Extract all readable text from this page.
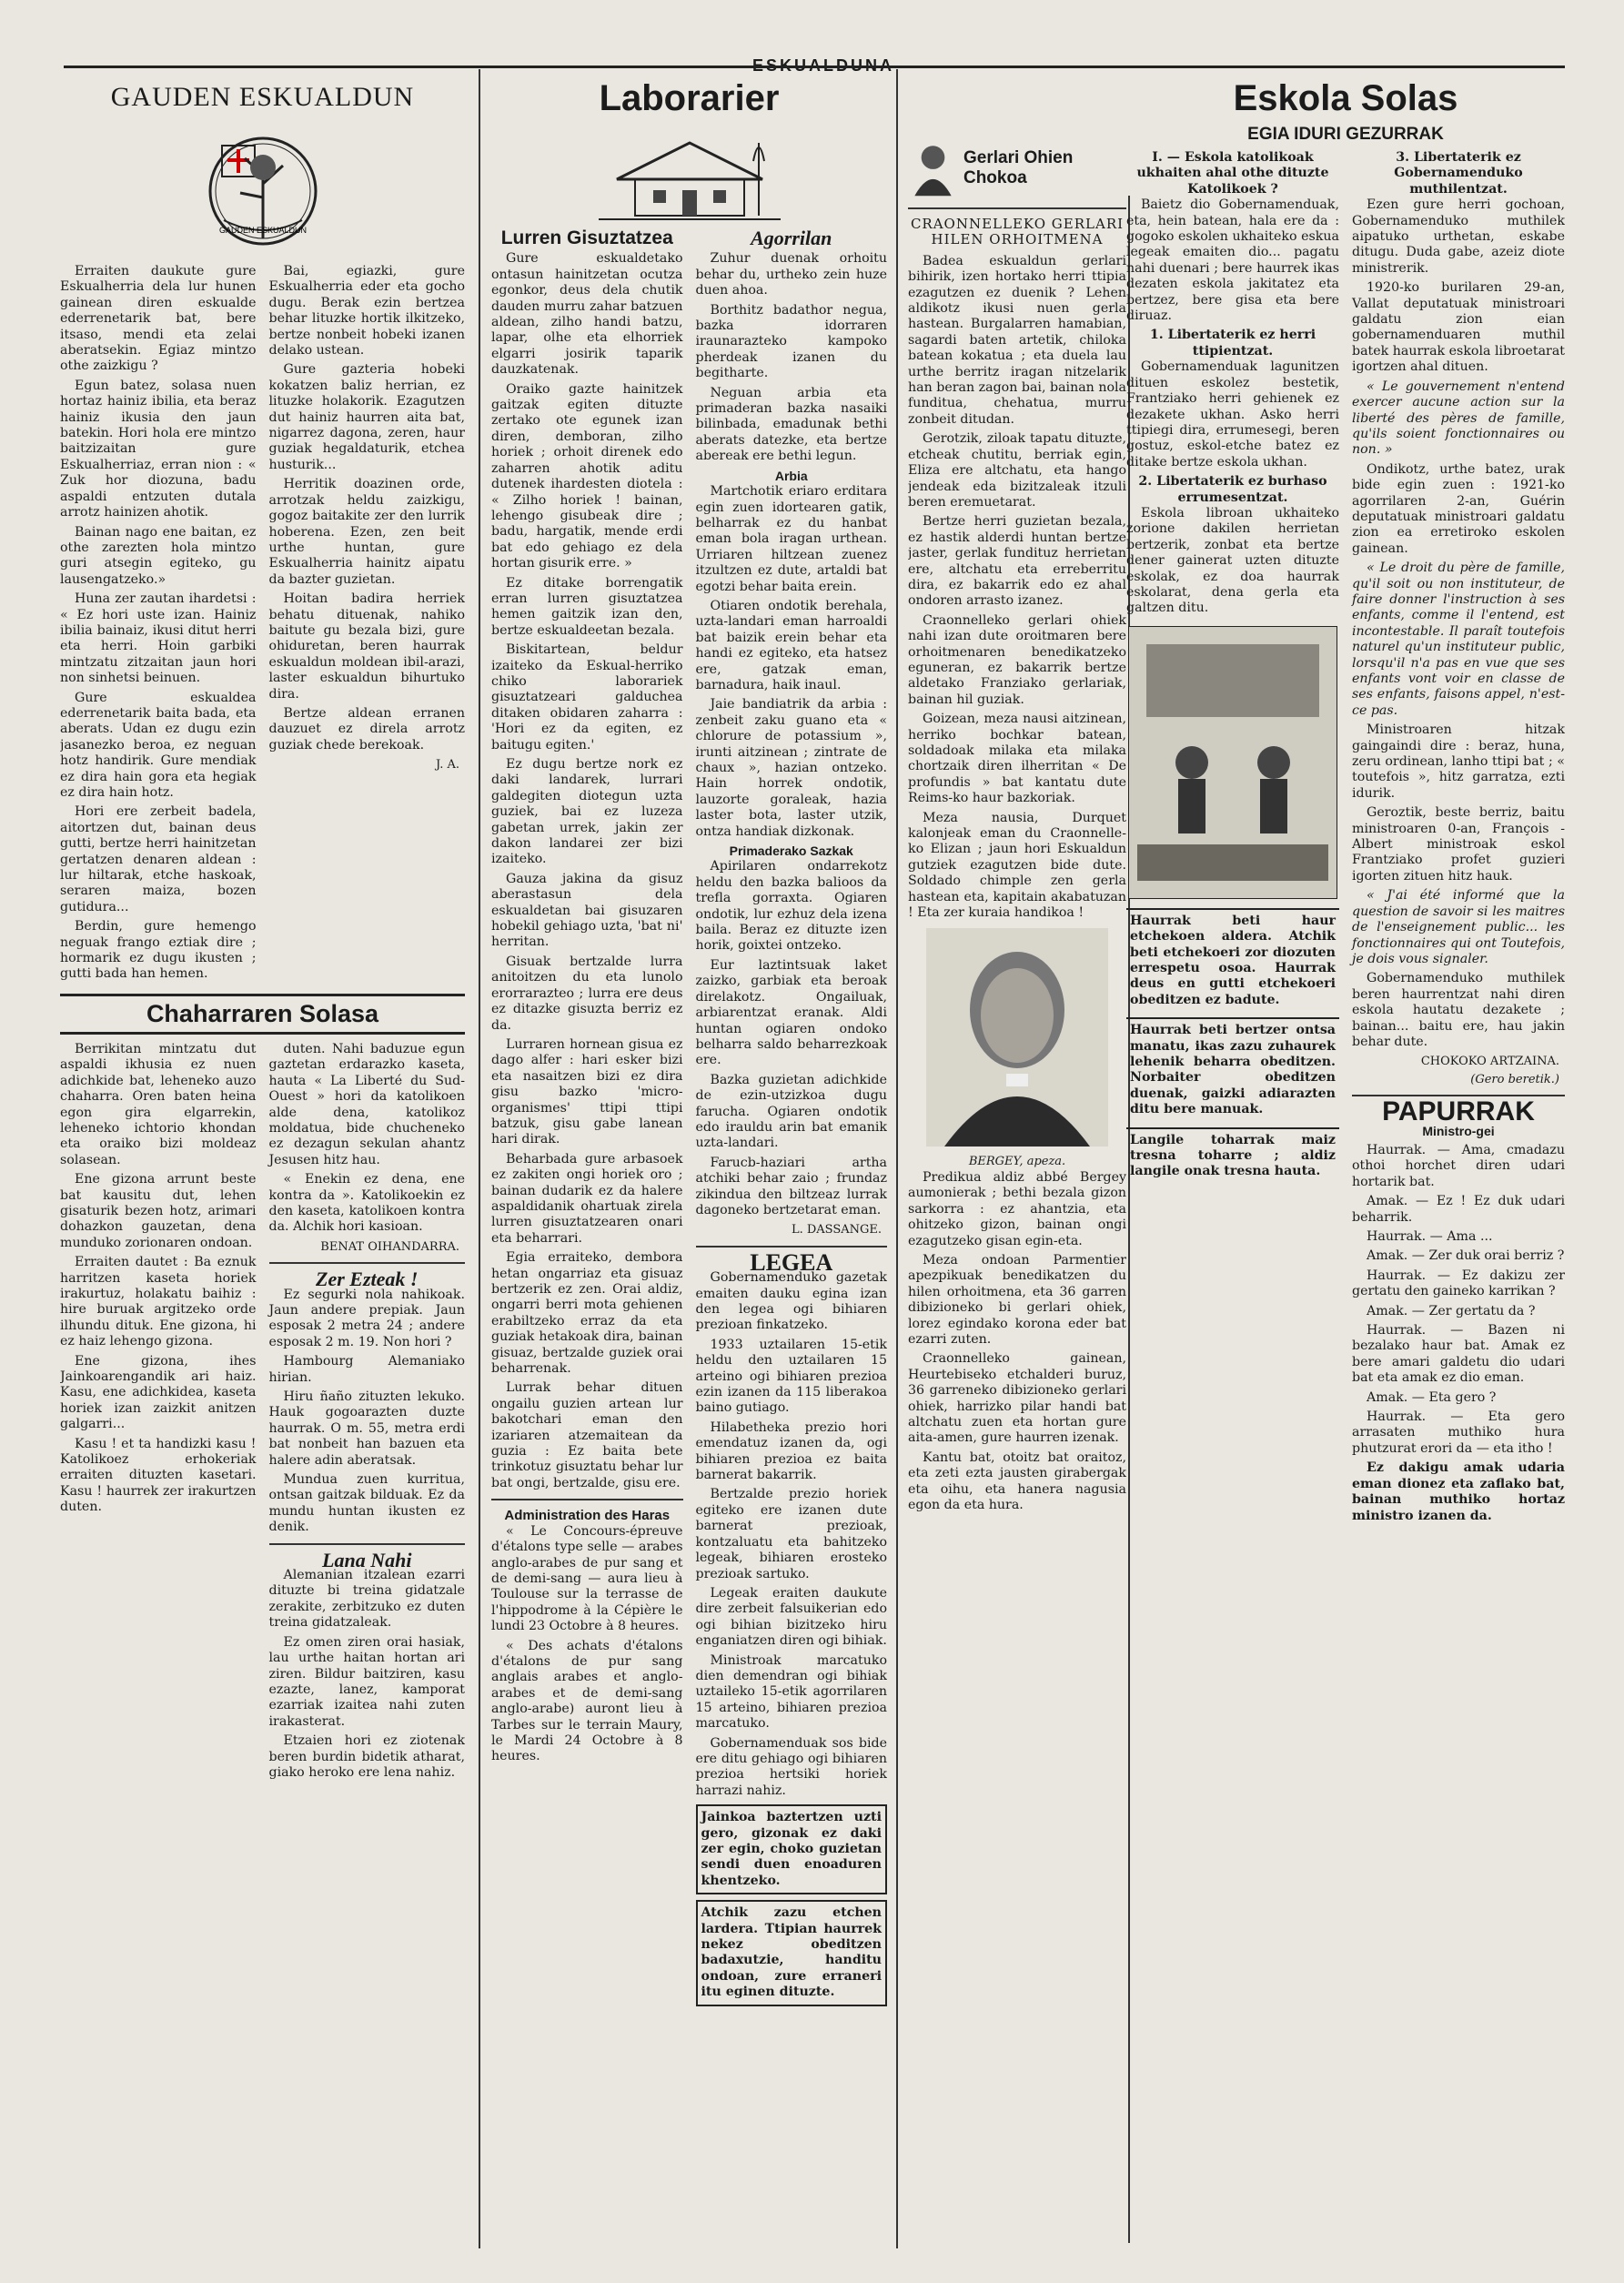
ESKUALDUNA
GAUDEN ESKUALDUN
GAUDEN ESKUALDUN

Erraiten daukute gure Eskualherria dela lur hunen gainean diren eskualde ederrenetarik bat, bere itsaso, mendi eta zelai aberatsekin. Egiaz mintzo othe zaizkigu ?

Egun batez, solasa nuen hortaz hainiz ibilia, eta beraz hainiz ikusia den jaun batekin. Hori hola ere mintzo baitzizaitan gure Eskualherriaz, erran nion : « Zuk hor diozuna, badu aspaldi entzuten dutala arrotz hainizen ahotik.

Bainan nago ene baitan, ez othe zarezten hola mintzo guri atsegin egiteko, gu lausengatzeko.»

Huna zer zautan ihardetsi : « Ez hori uste izan. Hainiz ibilia bainaiz, ikusi ditut herri eta herri. Hoin garbiki mintzatu zitzaitan jaun hori non sinhetsi beinuen.

Gure eskualdea ederrenetarik baita bada, eta aberats. Udan ez dugu ezin jasanezko beroa, ez neguan hotz handirik. Gure mendiak ez dira hain gora eta hegiak ez dira hain hotz.

Hori ere zerbeit badela, aitortzen dut, bainan deus gutti, bertze herri hainitzetan gertatzen denaren aldean : lur hiltarak, etche haskoak, seraren maiza, bozen gutidura...

Berdin, gure hemengo neguak frango eztiak dire ; hormarik ez dugu ikusten ; gutti bada han hemen.

Bai, egiazki, gure Eskualherria eder eta gocho dugu. Berak ezin bertzea behar lituzke hortik ilkitzeko, bertze nonbeit hobeki izanen delako ustean.

Gure gazteria hobeki kokatzen baliz herrian, ez lituzke holakorik. Ezagutzen dut hainiz haurren aita bat, nigarrez dagona, zeren, haur guziak hegaldaturik, etchea husturik...

Herritik doazinen orde, arrotzak heldu zaizkigu, gogoz baitakite zer den lurrik hoberena. Ezen, zen beit urthe huntan, gure Eskualherria hainitz aipatu da bazter guzietan.

Hoitan badira herriek behatu dituenak, nahiko baitute gu bezala bizi, gure ohiduretan, beren haurrak eskualdun moldean ibil-arazi, laster eskualdun bihurtuko dira.

Bertze aldean erranen dauzuet ez direla arrotz guziak chede berekoak.

J. A.
Chaharraren Solasa

Berrikitan mintzatu dut aspaldi ikhusia ez nuen adichkide bat, leheneko auzo chaharra. Oren baten heina egon gira elgarrekin, leheneko ichtorio khondan eta oraiko bizi moldeaz solasean.

Ene gizona arrunt beste bat kausitu dut, lehen gisaturik bezen hotz, arimari dohazkon gauzetan, dena munduko zorionaren ondoan.

Erraiten dautet : Ba eznuk harritzen kaseta horiek irakurtuz, holakatu baihiz : hire buruak argitzeko orde ilhundu dituk. Ene gizona, hi ez haiz lehengo gizona.

Ene gizona, ihes Jainkoarengandik ari haiz. Kasu, ene adichkidea, kaseta horiek izan zaizkit anitzen galgarri...

Kasu ! et ta handizki kasu ! Katolikoez erhokeriak erraiten dituzten kasetari. Kasu ! haurrek zer irakurtzen duten.

duten. Nahi baduzue egun gaztetan erdarazko kaseta, hauta « La Liberté du Sud-Ouest » hori da katolikoen alde dena, katolikoz moldatua, bide chucheneko ez dezagun sekulan ahantz Jesusen hitz hau.

« Enekin ez dena, ene kontra da ». Katolikoekin ez den kaseta, katolikoen kontra da. Alchik hori kasioan.

BENAT OIHANDARRA.
Zer Ezteak !

Ez segurki nola nahikoak. Jaun andere prepiak. Jaun esposak 2 metra 24 ; andere esposak 2 m. 19. Non hori ?

Hambourg Alemaniako hirian.

Hiru ñaño zituzten lekuko. Hauk gogoarazten duzte haurrak. O m. 55, metra erdi bat nonbeit han bazuen eta halere adin aberatsak.

Mundua zuen kurritua, ontsan gaitzak bilduak. Ez da mundu huntan ikusten ez denik.

Lana Nahi

Alemanian itzalean ezarri dituzte bi treina gidatzale zerakite, zerbitzuko ez duten treina gidatzaleak.

Ez omen ziren orai hasiak, lau urthe haitan hortan ari ziren. Bildur baitziren, kasu ezazte, lanez, kamporat ezarriak izaitea nahi zuten irakasterat.

Etzaien hori ez ziotenak beren burdin bidetik atharat, giako heroko ere lena nahiz.

Laborarier
Lurren Gisuztatzea

Gure eskualdetako ontasun hainitzetan ocutza egonkor, deus dela chutik dauden murru zahar batzuen aldean, zilho handi batzu, lapar, olhe eta elhorriek elgarri josirik taparik dauzkatenak.

Oraiko gazte hainitzek gaitzak egiten dituzte zertako ote egunek izan diren, demboran, zilho horiek ; orhoit direnek edo zaharren ahotik aditu dutenek ihardesten diotela : « Zilho horiek ! bainan, lehengo gisubeak dire ; badu, hargatik, mende erdi bat edo gehiago ez dela hortan gisurik erre. »

Ez ditake borrengatik erran lurren gisuztatzea hemen gaitzik izan den, bertze eskualdeetan bezala.

Biskitartean, beldur izaiteko da Eskual-herriko chiko laborariek gisuztatzeari galduchea ditaken obidaren zaharra : 'Hori ez da egiten, ez baitugu egiten.'

Ez dugu bertze nork ez daki landarek, lurrari galdegiten diotegun uzta guziek, bai ez luzeza gabetan urrek, jakin zer dakon landarei zer bizi izaiteko.

Gauza jakina da gisuz aberastasun dela eskualdetan bai gisuzaren hobekil gehiago uzta, 'bat ni' herritan.

Gisuak bertzalde lurra anitoitzen du eta lunolo erorrarazteo ; lurra ere deus ez ditazke gisuzta berriz ez da.

Lurraren hornean gisua ez dago alfer : hari esker bizi eta nasaitzen bizi ez dira gisu bazko 'micro-organismes' ttipi ttipi batzuk, gisu gabe lanean hari dirak.

Beharbada gure arbasoek ez zakiten ongi horiek oro ; bainan dudarik ez da halere aspaldidanik ohartuak zirela lurren gisuztatzearen onari eta beharrari.

Egia erraiteko, dembora hetan ongarriaz eta gisuaz bertzerik ez zen. Orai aldiz, ongarri berri mota gehienen erabiltzeko erraz da eta guziak hetakoak dira, bainan gisuaz, bertzalde guziek orai beharrenak.

Lurrak behar dituen ongailu guzien artean lur bakotchari eman den izariaren atzemaitean da guzia : Ez baita bete trinkotuz gisuztatu behar lur bat ongi, bertzalde, gisu ere.

Administration des Haras

« Le Concours-épreuve d'étalons type selle — arabes anglo-arabes de pur sang et de demi-sang — aura lieu à Toulouse sur la terrasse de l'hippodrome à la Cépière le lundi 23 Octobre à 8 heures.

« Des achats d'étalons d'étalons de pur sang anglais arabes et anglo-arabes et de demi-sang anglo-arabe) auront lieu à Tarbes sur le terrain Maury, le Mardi 24 Octobre à 8 heures.

Agorrilan

Zuhur duenak orhoitu behar du, urtheko zein huze duen ahoa.

Borthitz badathor negua, bazka idorraren iraunarazteko kampoko pherdeak izanen du begitharte.

Neguan arbia eta primaderan bazka nasaiki bilinbada, emadunak bethi aberats datezke, eta bertze abereak ere bethi legun.

Arbia

Martchotik eriaro erditara egin zuen idortearen gatik, belharrak ez du hanbat eman bola iragan urthean. Urriaren hiltzean zuenez itzultzen ez dute, artaldi bat egotzi behar baita erein.

Otiaren ondotik berehala, uzta-landari eman harroaldi bat baizik erein behar eta handi ez egiteko, eta hatsez ere, gatzak eman, barnadura, haik inaul.

Jaie bandiatrik da arbia : zenbeit zaku guano eta « chlorure de potassium », irunti aitzinean ; zintrate de chaux », hazian ontzeko. Hain horrek ondotik, lauzorte goraleak, hazia laster bota, laster utzik, ontza handiak dizkonak.

Primaderako Sazkak

Apirilaren ondarrekotz heldu den bazka balioos da trefla gorraxta. Ogiaren ondotik, lur ezhuz dela izena baila. Beraz ez dituzte izen horik, goixtei ontzeko.

Eur laztintsuak laket zaizko, garbiak eta beroak direlakotz. Ongailuak, arbiarentzat eranak. Aldi huntan ogiaren ondoko belharra saldo beharrezkoak ere.

Bazka guzietan adichkide de ezin-utzizkoa dugu farucha. Ogiaren ondotik edo irauldu arin bat emanik uzta-landari.

Farucb-haziari artha atchiki behar zaio ; frundaz zikindua den biltzeaz lurrak dagoneko bertzetarat eman.

L. DASSANGE.
LEGEA

Gobernamenduko gazetak emaiten dauku egina izan den legea ogi bihiaren prezioan finkatzeko.

1933 uztailaren 15-etik heldu den uztailaren 15 arteino ogi bihiaren prezioa ezin izanen da 115 liberakoa baino gutiago.

Hilabetheka prezio hori emendatuz izanen da, ogi bihiaren prezioa ez baita barnerat bakarrik.

Bertzalde prezio horiek egiteko ere izanen dute barnerat prezioak, kontzaluatu eta bahitzeko legeak, bihiaren erosteko prezioak sartuko.

Legeak eraiten daukute dire zerbeit falsuikerian edo ogi bihian bizitzeko hiru enganiatzen diren ogi bihiak.

Ministroak marcatuko dien demendran ogi bihiak uztaileko 15-etik agorrilaren 15 arteino, bihiaren prezioa marcatuko.

Gobernamenduak sos bide ere ditu gehiago ogi bihiaren prezioa hertsiki horiek harrazi nahiz.

Jainkoa baztertzen uzti gero, gizonak ez daki zer egin, choko guzietan sendi duen enoaduren khentzeko.
Atchik zazu etchen lardera. Ttipian haurrek nekez obeditzen badaxutzie, handitu ondoan, zure erraneri itu eginen dituzte.
Gerlari Ohien Chokoa
CRAONNELLEKO GERLARI HILEN ORHOITMENA

Badea eskualdun gerlari bihirik, izen hortako herri ttipia ezagutzen ez duenik ? Lehen aldikotz ikusi nuen gerla hastean. Burgalarren hamabian, sagardi baten artetik, chiloka batean kokatua ; eta duela lau urthe berritz iragan nitzelarik han beran zagon bai, bainan nola funditua, chehatua, murru zonbeit ditudan.

Gerotzik, ziloak tapatu dituzte, etcheak chutitu, berriak egin, Eliza ere altchatu, eta hango jendeak eda bizitzaleak itzuli beren eremuetarat.

Bertze herri guzietan bezala, ez hastik alderdi huntan bertze jaster, gerlak fundituz herrietan ere, altchatu eta erreberritu dira, ez bakarrik edo ez ahal ondoren arrasto izanez.

Craonnelleko gerlari ohiek nahi izan dute oroitmaren bere orhoitmenaren benedikatzeko eguneran, ez bakarrik bertze aldetako Franziako gerlariak, bainan hil guziak.

Goizean, meza nausi aitzinean, herriko bochkar batean, soldadoak milaka eta milaka chortzaik diren ilherritan « De profundis » bat kantatu dute Reims-ko haur bazkoriak.

Meza nausia, Durquet kalonjeak eman du Craonnelle-ko Elizan ; jaun hori Eskualdun gutziek ezagutzen bide dute. Soldado chimple zen gerla hastean eta, kapitain akabatuzan ! Eta zer kuraia handikoa !

BERGEY, apeza.

Predikua aldiz abbé Bergey aumonierak ; bethi bezala gizon sarkorra : ez ahantzia, eta ohitzeko gizon, bainan ongi ezagutzeko gisan egin-eta.

Meza ondoan Parmentier apezpikuak benedikatzen du hilen orhoitmena, eta 36 garren dibizioneko bi gerlari ohiek, lorez egindako korona eder bat ezarri zuten.

Craonnelleko gainean, Heurtebiseko etchalderi buruz, 36 garreneko dibizioneko gerlari ohiek, harrizko pilar handi bat altchatu zuen eta hortan gure aita-amen, gure haurren izenak.

Kantu bat, otoitz bat oraitoz, eta zeti ezta jausten girabergak eta oihu, eta hanera nagusia egon da eta hura.

Eskola Solas
EGIA IDURI GEZURRAK
I. — Eskola katolikoak ukhaiten ahal othe dituzte Katolikoek ?

Baietz dio Gobernamenduak, eta, hein batean, hala ere da : gogoko eskolen ukhaiteko eskua legeak emaiten dio... pagatu nahi duenari ; bere haurrek ikas dezaten eskola jakitatez eta bertzez, bere gisa eta bere diruaz.

1. Libertaterik ez herri ttipientzat.

Gobernamenduak lagunitzen dituen eskolez bestetik, Frantziako herri gehienek ez dezakete ukhan. Asko herri ttipiegi dira, errumesegi, beren gostuz, eskol-etche batez ez ditake bertze eskola ukhan.

2. Libertaterik ez burhaso errumesentzat.

Eskola libroan ukhaiteko zorione dakilen herrietan bertzerik, zonbat eta bertze dener gainerat uzten dituzte eskolak, ez doa haurrak eskolarat, dena gerla eta galtzen ditu.

Haurrak beti haur etchekoen aldera. Atchik beti etchekoeri zor diozuten errespetu osoa. Haurrak deus en gutti etchekoeri obeditzen ez badute.
Haurrak beti bertzer ontsa manatu, ikas zazu zuhaurek lehenik beharra obeditzen. Norbaiter obeditzen duenak, gaizki adiarazten ditu bere manuak.
Langile toharrak maiz tresna toharre ; aldiz langile onak tresna hauta.
3. Libertaterik ez Gobernamenduko muthilentzat.

Ezen gure herri gochoan, Gobernamenduko muthilek aipatuko urthetan, eskabe ditugu. Duda gabe, azeiz diote ministrerik.

1920-ko burilaren 29-an, Vallat deputatuak ministroari galdatu zion eian gobernamenduaren muthil batek haurrak eskola libroetarat igortzen ahal dituen.

« Le gouvernement n'entend exercer aucune action sur la liberté des pères de famille, qu'ils soient fonctionnaires ou non. »

Ondikotz, urthe batez, urak bide egin zuen : 1921-ko agorrilaren 2-an, Guérin deputatuak ministroari galdatu zion ea erretiroko eskolen gainean.

« Le droit du père de famille, qu'il soit ou non instituteur, de faire donner l'instruction à ses enfants, comme il l'entend, est incontestable. Il paraît toutefois naturel qu'un instituteur public, lorsqu'il n'a pas en vue que ses enfants vont voir en classe de ses enfants, faisons appel, n'est-ce pas.

Ministroaren hitzak gaingaindi dire : beraz, huna, zeru ordinean, lanho ttipi bat ; « toutefois », hitz garratza, ezti idurik.

Geroztik, beste berriz, baitu ministroaren 0-an, François - Albert ministroak eskol Frantziako profet guzieri igorten zituen hitz hauk.

« J'ai été informé que la question de savoir si les maitres de l'enseignement public... les fonctionnaires qui ont Toutefois, je dois vous signaler.

Gobernamenduko muthilek beren haurrentzat nahi diren eskola hautatu dezakete ; bainan... baitu ere, hau jakin behar dute.

CHOKOKO ARTZAINA.
(Gero beretik.)
PAPURRAK
Ministro-gei

Haurrak. — Ama, cmadazu othoi horchet diren udari hortarik bat.

Amak. — Ez ! Ez duk udari beharrik.

Haurrak. — Ama ...

Amak. — Zer duk orai berriz ?

Haurrak. — Ez dakizu zer gertatu den gaineko karrikan ?

Amak. — Zer gertatu da ?

Haurrak. — Bazen ni bezalako haur bat. Amak ez bere amari galdetu dio udari bat eta amak ez dio eman.

Amak. — Eta gero ?

Haurrak. — Eta gero arrasaten muthiko hura phutzurat erori da — eta itho !

Ez dakigu amak udaria eman dionez eta zaflako bat, bainan muthiko hortaz ministro izanen da.
